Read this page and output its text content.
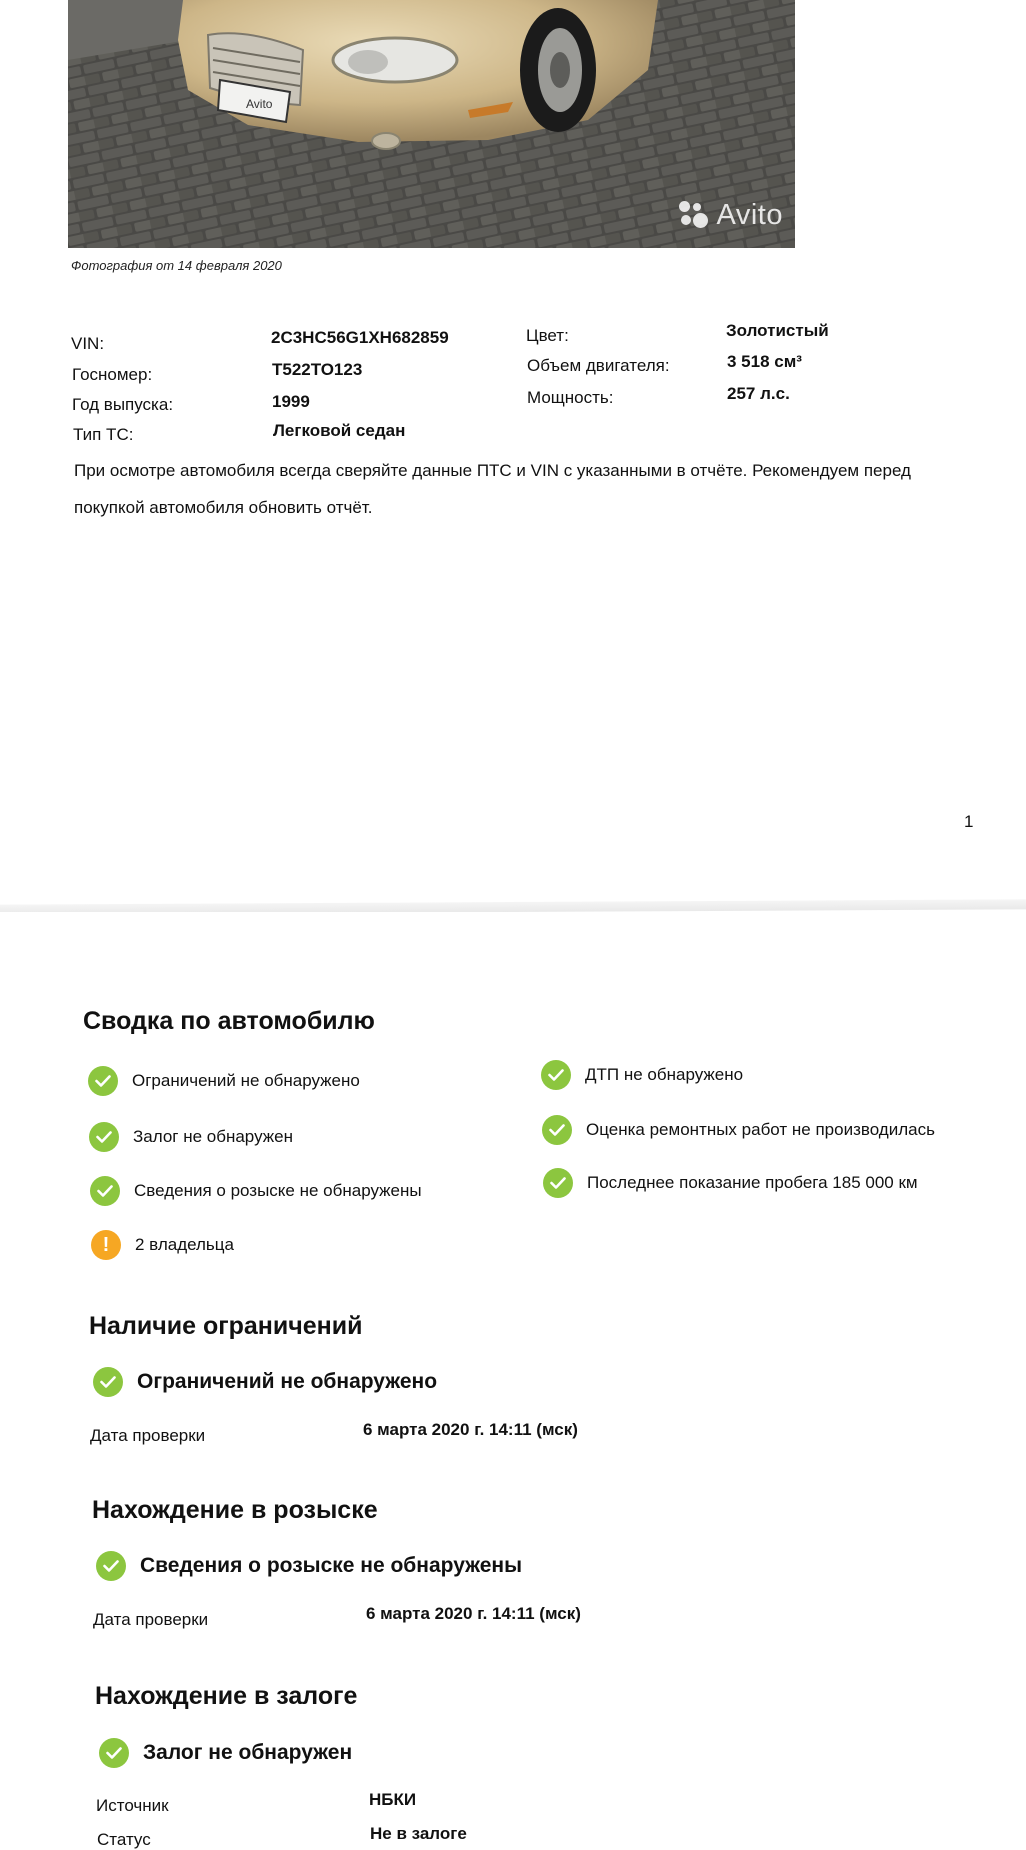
Avito
Avito
Фотография от 14 февраля 2020
VIN:	2C3HC56G1XH682859
Госномер:	Т522ТО123
Год выпуска:	1999
Тип ТС:	Легковой седан
Цвет:	Золотистый
Объем двигателя:	3 518 см³
Мощность:	257 л.с.
При осмотре автомобиля всегда сверяйте данные ПТС и VIN с указанными в отчёте. Рекомендуем перед покупкой автомобиля обновить отчёт.
1
Сводка по автомобилю
Ограничений не обнаружено
Залог не обнаружен
Сведения о розыске не обнаружены
!	2 владельца
ДТП не обнаружено
Оценка ремонтных работ не производилась
Последнее показание пробега 185 000 км
Наличие ограничений
Ограничений не обнаружено
Дата проверки	6 марта 2020 г. 14:11 (мск)
Нахождение в розыске
Сведения о розыске не обнаружены
Дата проверки	6 марта 2020 г. 14:11 (мск)
Нахождение в залоге
Залог не обнаружен
Источник	НБКИ
Статус	Не в залоге
